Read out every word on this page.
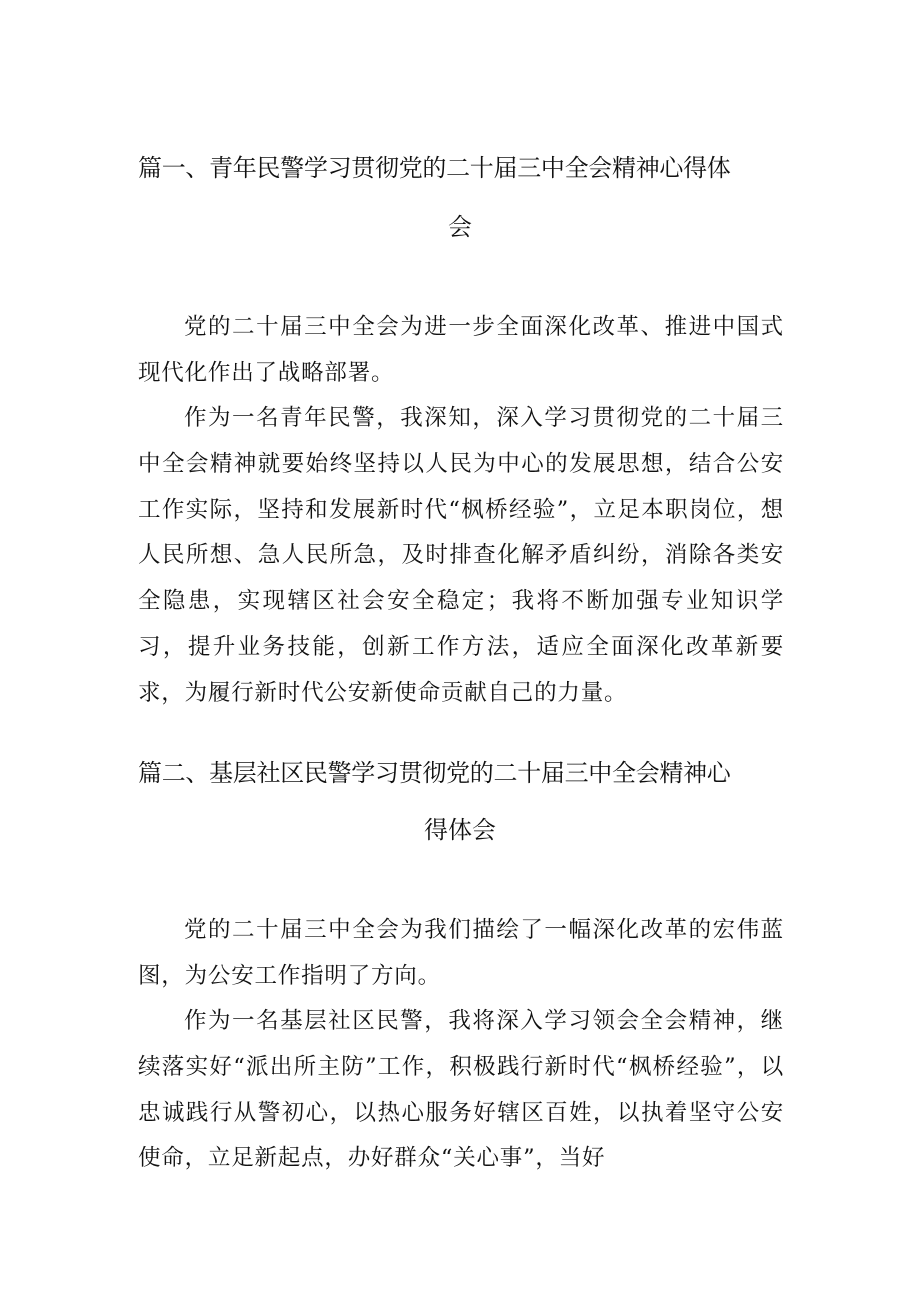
篇一、青年民警学习贯彻党的二十届三中全会精神心得体
会

党的二十届三中全会为进一步全面深化改革、推进中国式现代化作出了战略部署。

作为一名青年民警，我深知，深入学习贯彻党的二十届三中全会精神就要始终坚持以人民为中心的发展思想，结合公安工作实际，坚持和发展新时代“枫桥经验”，立足本职岗位，想人民所想、急人民所急，及时排查化解矛盾纠纷，消除各类安全隐患，实现辖区社会安全稳定；我将不断加强专业知识学习，提升业务技能，创新工作方法，适应全面深化改革新要求，为履行新时代公安新使命贡献自己的力量。

篇二、基层社区民警学习贯彻党的二十届三中全会精神心
得体会

党的二十届三中全会为我们描绘了一幅深化改革的宏伟蓝图，为公安工作指明了方向。

作为一名基层社区民警，我将深入学习领会全会精神，继续落实好“派出所主防”工作，积极践行新时代“枫桥经验”，以忠诚践行从警初心，以热心服务好辖区百姓，以执着坚守公安使命，立足新起点，办好群众“关心事”，当好
